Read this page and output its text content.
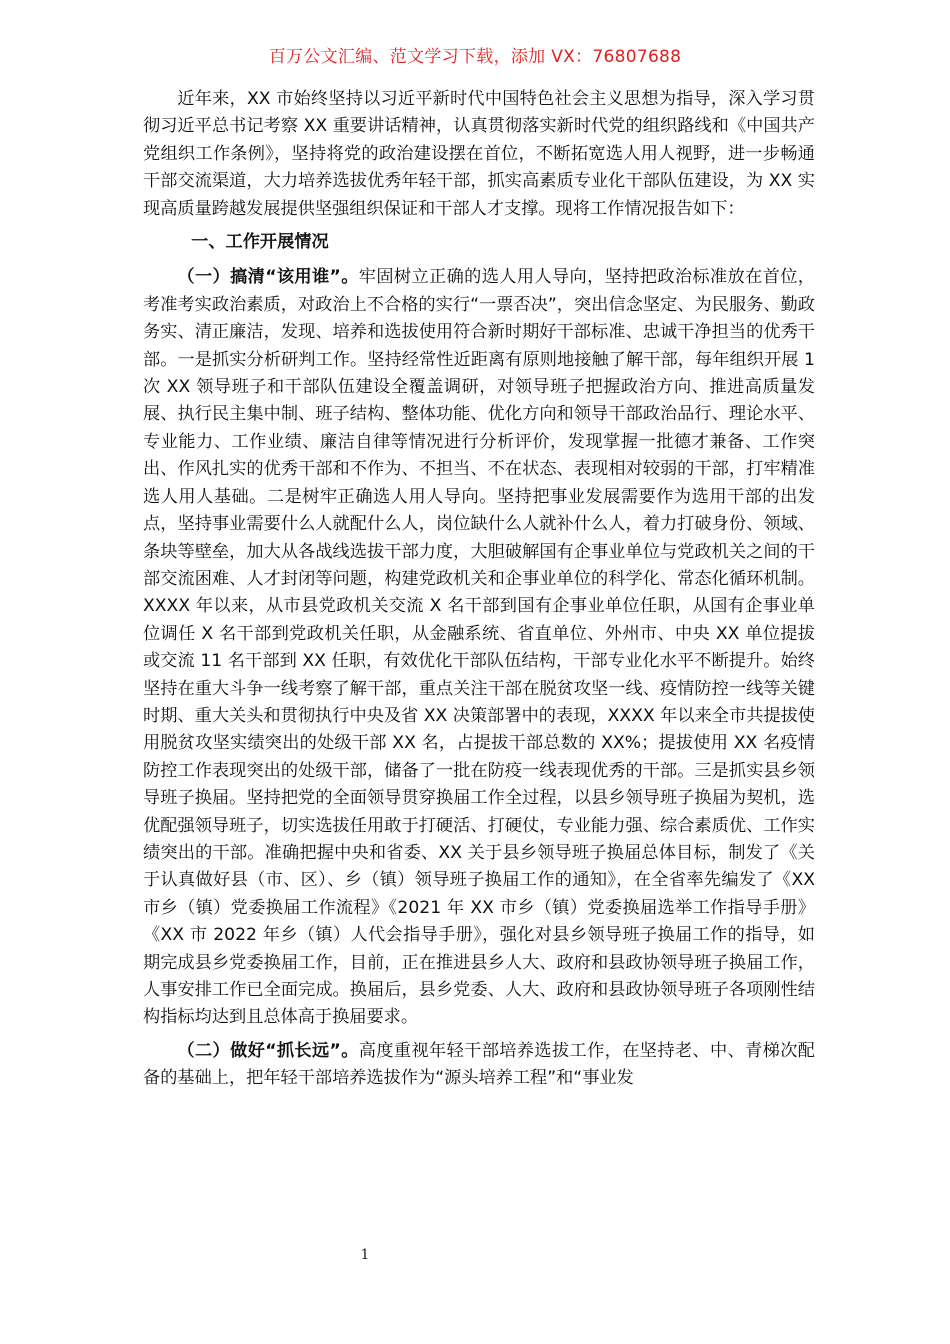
百万公文汇编、范文学习下载，添加 VX：76807688

近年来，XX 市始终坚持以习近平新时代中国特色社会主义思想为指导，深入学习贯彻习近平总书记考察 XX 重要讲话精神，认真贯彻落实新时代党的组织路线和《中国共产党组织工作条例》，坚持将党的政治建设摆在首位，不断拓宽选人用人视野，进一步畅通干部交流渠道，大力培养选拔优秀年轻干部，抓实高素质专业化干部队伍建设，为 XX 实现高质量跨越发展提供坚强组织保证和干部人才支撑。现将工作情况报告如下：

一、工作开展情况

（一）搞清“该用谁”。牢固树立正确的选人用人导向，坚持把政治标准放在首位，考准考实政治素质，对政治上不合格的实行“一票否决”，突出信念坚定、为民服务、勤政务实、清正廉洁，发现、培养和选拔使用符合新时期好干部标准、忠诚干净担当的优秀干部。一是抓实分析研判工作。坚持经常性近距离有原则地接触了解干部，每年组织开展 1 次 XX 领导班子和干部队伍建设全覆盖调研，对领导班子把握政治方向、推进高质量发展、执行民主集中制、班子结构、整体功能、优化方向和领导干部政治品行、理论水平、专业能力、工作业绩、廉洁自律等情况进行分析评价，发现掌握一批德才兼备、工作突出、作风扎实的优秀干部和不作为、不担当、不在状态、表现相对较弱的干部，打牢精准选人用人基础。二是树牢正确选人用人导向。坚持把事业发展需要作为选用干部的出发点，坚持事业需要什么人就配什么人，岗位缺什么人就补什么人，着力打破身份、领域、条块等壁垒，加大从各战线选拔干部力度，大胆破解国有企事业单位与党政机关之间的干部交流困难、人才封闭等问题，构建党政机关和企事业单位的科学化、常态化循环机制。XXXX 年以来，从市县党政机关交流 X 名干部到国有企事业单位任职，从国有企事业单位调任 X 名干部到党政机关任职，从金融系统、省直单位、外州市、中央 XX 单位提拔或交流 11 名干部到 XX 任职，有效优化干部队伍结构，干部专业化水平不断提升。始终坚持在重大斗争一线考察了解干部，重点关注干部在脱贫攻坚一线、疫情防控一线等关键时期、重大关头和贯彻执行中央及省 XX 决策部署中的表现，XXXX 年以来全市共提拔使用脱贫攻坚实绩突出的处级干部 XX 名，占提拔干部总数的 XX%；提拔使用 XX 名疫情防控工作表现突出的处级干部，储备了一批在防疫一线表现优秀的干部。三是抓实县乡领导班子换届。坚持把党的全面领导贯穿换届工作全过程，以县乡领导班子换届为契机，选优配强领导班子，切实选拔任用敢于打硬活、打硬仗，专业能力强、综合素质优、工作实绩突出的干部。准确把握中央和省委、XX 关于县乡领导班子换届总体目标，制发了《关于认真做好县（市、区）、乡（镇）领导班子换届工作的通知》，在全省率先编发了《XX 市乡（镇）党委换届工作流程》《2021 年 XX 市乡（镇）党委换届选举工作指导手册》《XX 市 2022 年乡（镇）人代会指导手册》，强化对县乡领导班子换届工作的指导，如期完成县乡党委换届工作，目前，正在推进县乡人大、政府和县政协领导班子换届工作，人事安排工作已全面完成。换届后，县乡党委、人大、政府和县政协领导班子各项刚性结构指标均达到且总体高于换届要求。

（二）做好“抓长远”。高度重视年轻干部培养选拔工作，在坚持老、中、青梯次配备的基础上，把年轻干部培养选拔作为“源头培养工程”和“事业发

1
